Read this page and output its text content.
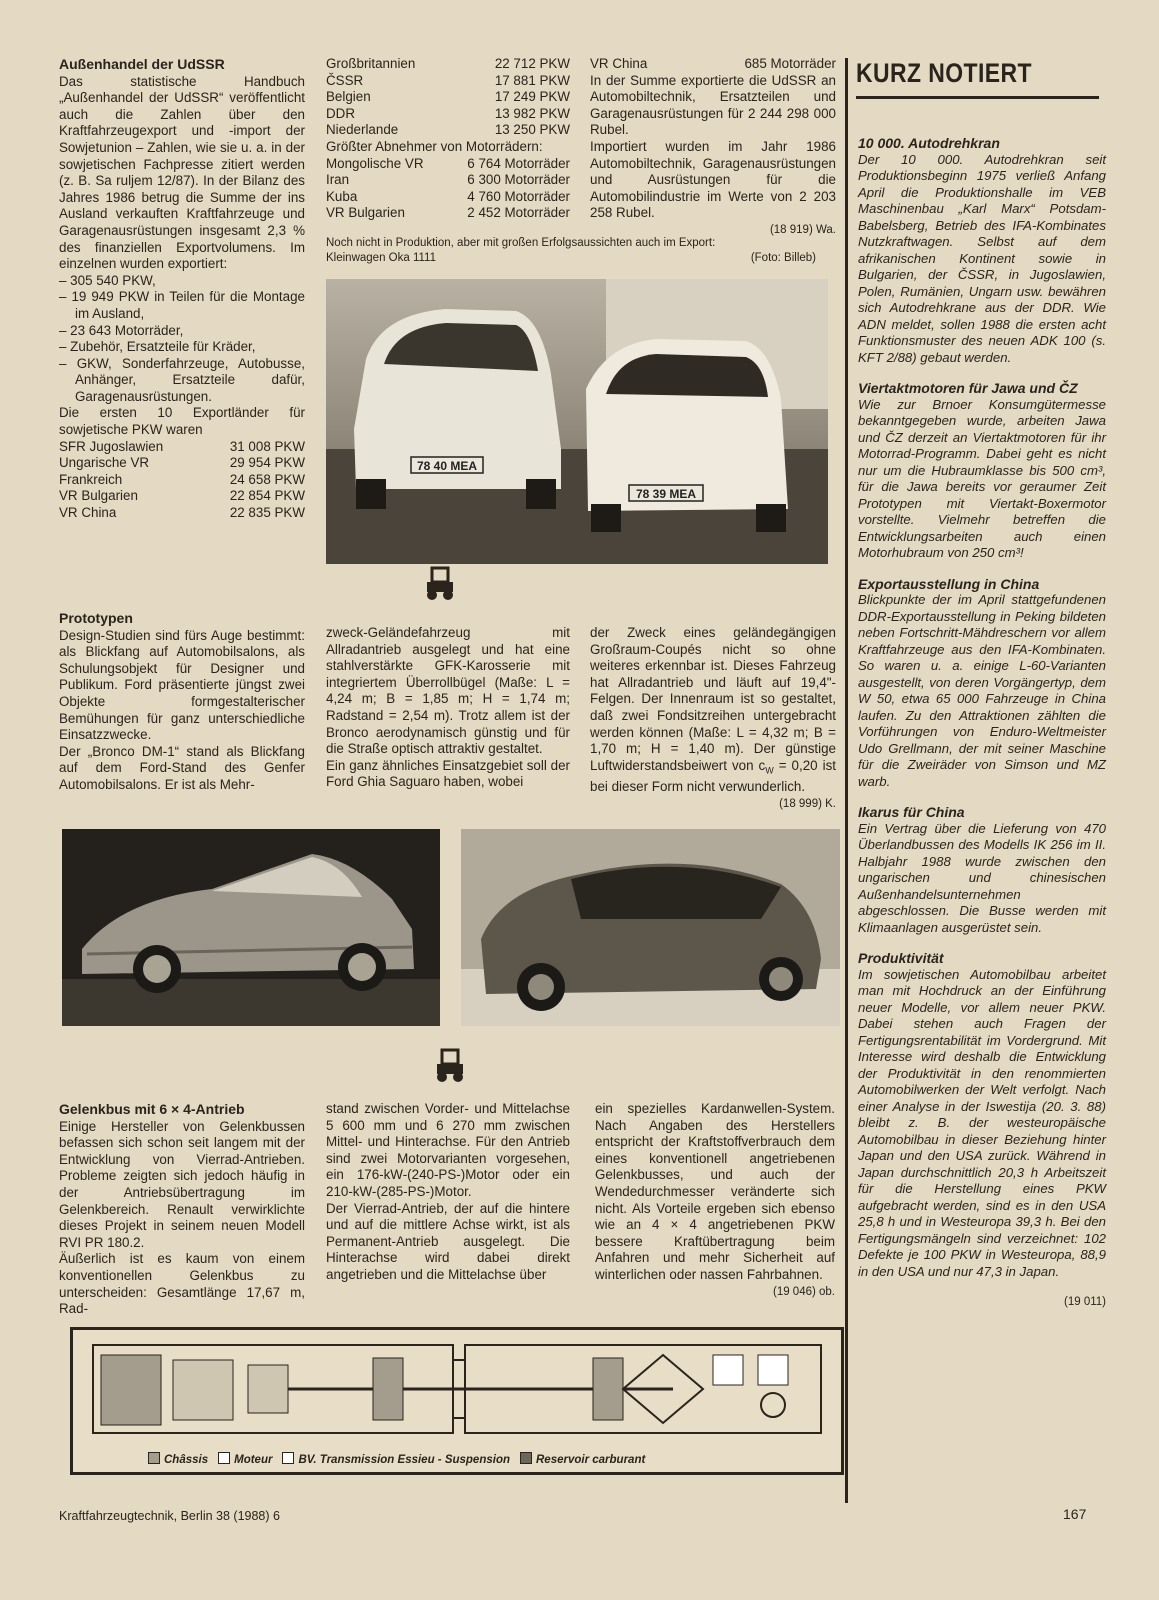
Außenhandel der UdSSR

Das statistische Handbuch „Außenhandel der UdSSR“ veröffentlicht auch die Zahlen über den Kraftfahrzeugexport und -import der Sowjetunion – Zahlen, wie sie u. a. in der sowjetischen Fachpresse zitiert werden (z. B. Sa ruljem 12/87). In der Bilanz des Jahres 1986 betrug die Summe der ins Ausland verkauften Kraftfahrzeuge und Garagenausrüstungen insgesamt 2,3 % des finanziellen Exportvolumens. Im einzelnen wurden exportiert:

– 305 540 PKW,
– 19 949 PKW in Teilen für die Montage im Ausland,
– 23 643 Motorräder,
– Zubehör, Ersatzteile für Kräder,
– GKW, Sonderfahrzeuge, Autobusse, Anhänger, Ersatzteile dafür, Garagenausrüstungen.

Die ersten 10 Exportländer für sowjetische PKW waren

SFR Jugoslawien	31 008 PKW
Ungarische VR	29 954 PKW
Frankreich	24 658 PKW
VR Bulgarien	22 854 PKW
VR China	22 835 PKW
Großbritannien	22 712 PKW
ČSSR	17 881 PKW
Belgien	17 249 PKW
DDR	13 982 PKW
Niederlande	13 250 PKW

Größter Abnehmer von Motorrädern:

Mongolische VR	6 764 Motorräder
Iran	6 300 Motorräder
Kuba	4 760 Motorräder
VR Bulgarien	2 452 Motorräder
VR China	685 Motorräder

In der Summe exportierte die UdSSR an Automobiltechnik, Ersatzteilen und Garagenausrüstungen für 2 244 298 000 Rubel.

Importiert wurden im Jahr 1986 Automobiltechnik, Garagenausrüstungen und Ausrüstungen für die Automobilindustrie im Werte von 2 203 258 Rubel.

(18 919) Wa.
Noch nicht in Produktion, aber mit großen Erfolgsaussichten auch im Export:
Kleinwagen Oka 1111	(Foto: Billeb)
78 40 МЕА
78 39 МЕА

Prototypen

Design-Studien sind fürs Auge bestimmt: als Blickfang auf Automobilsalons, als Schulungsobjekt für Designer und Publikum. Ford präsentierte jüngst zwei Objekte formgestalterischer Bemühungen für ganz unterschiedliche Einsatzzwecke.

Der „Bronco DM-1“ stand als Blickfang auf dem Ford-Stand des Genfer Automobilsalons. Er ist als Mehr-

zweck-Geländefahrzeug mit Allradantrieb ausgelegt und hat eine stahlverstärkte GFK-Karosserie mit integriertem Überrollbügel (Maße: L = 4,24 m; B = 1,85 m; H = 1,74 m; Radstand = 2,54 m). Trotz allem ist der Bronco aerodynamisch günstig und für die Straße optisch attraktiv gestaltet.

Ein ganz ähnliches Einsatzgebiet soll der Ford Ghia Saguaro haben, wobei

der Zweck eines geländegängigen Großraum-Coupés nicht so ohne weiteres erkennbar ist. Dieses Fahrzeug hat Allradantrieb und läuft auf 19,4"-Felgen. Der Innenraum ist so gestaltet, daß zwei Fondsitzreihen untergebracht werden können (Maße: L = 4,32 m; B = 1,70 m; H = 1,40 m). Der günstige Luftwiderstandsbeiwert von $c_W = 0,20$ ist bei dieser Form nicht verwunderlich.

(18 999) K.

Gelenkbus mit 6 × 4-Antrieb

Einige Hersteller von Gelenkbussen befassen sich schon seit langem mit der Entwicklung von Vierrad-Antrieben. Probleme zeigten sich jedoch häufig in der Antriebsübertragung im Gelenkbereich. Renault verwirklichte dieses Projekt in seinem neuen Modell RVI PR 180.2.

Äußerlich ist es kaum von einem konventionellen Gelenkbus zu unterscheiden: Gesamtlänge 17,67 m, Rad-

stand zwischen Vorder- und Mittelachse 5 600 mm und 6 270 mm zwischen Mittel- und Hinterachse. Für den Antrieb sind zwei Motorvarianten vorgesehen, ein 176-kW-(240-PS-)Motor oder ein 210-kW-(285-PS-)Motor.

Der Vierrad-Antrieb, der auf die hintere und auf die mittlere Achse wirkt, ist als Permanent-Antrieb ausgelegt. Die Hinterachse wird dabei direkt angetrieben und die Mittelachse über

ein spezielles Kardanwellen-System. Nach Angaben des Herstellers entspricht der Kraftstoffverbrauch dem eines konventionell angetriebenen Gelenkbusses, und auch der Wendedurchmesser veränderte sich nicht. Als Vorteile ergeben sich ebenso wie an 4 × 4 angetriebenen PKW bessere Kraftübertragung beim Anfahren und mehr Sicherheit auf winterlichen oder nassen Fahrbahnen.

(19 046) ob.
Châssis	Moteur	BV. Transmission Essieu - Suspension	Reservoir carburant
KURZ NOTIERT

10 000. Autodrehkran

Der 10 000. Autodrehkran seit Produktionsbeginn 1975 verließ Anfang April die Produktionshalle im VEB Maschinenbau „Karl Marx“ Potsdam-Babelsberg, Betrieb des IFA-Kombinates Nutzkraftwagen. Selbst auf dem afrikanischen Kontinent sowie in Bulgarien, der ČSSR, in Jugoslawien, Polen, Rumänien, Ungarn usw. bewähren sich Autodrehkrane aus der DDR. Wie ADN meldet, sollen 1988 die ersten acht Funktionsmuster des neuen ADK 100 (s. KFT 2/88) gebaut werden.

Viertaktmotoren für Jawa und ČZ

Wie zur Brnoer Konsumgütermesse bekanntgegeben wurde, arbeiten Jawa und ČZ derzeit an Viertaktmotoren für ihr Motorrad-Programm. Dabei geht es nicht nur um die Hubraumklasse bis 500 cm³, für die Jawa bereits vor geraumer Zeit Prototypen mit Viertakt-Boxermotor vorstellte. Vielmehr betreffen die Entwicklungsarbeiten auch einen Motorhubraum von 250 cm³!

Exportausstellung in China

Blickpunkte der im April stattgefundenen DDR-Exportausstellung in Peking bildeten neben Fortschritt-Mähdreschern vor allem Kraftfahrzeuge aus den IFA-Kombinaten. So waren u. a. einige L-60-Varianten ausgestellt, von deren Vorgängertyp, dem W 50, etwa 65 000 Fahrzeuge in China laufen. Zu den Attraktionen zählten die Vorführungen von Enduro-Weltmeister Udo Grellmann, der mit seiner Maschine für die Zweiräder von Simson und MZ warb.

Ikarus für China

Ein Vertrag über die Lieferung von 470 Überlandbussen des Modells IK 256 im II. Halbjahr 1988 wurde zwischen den ungarischen und chinesischen Außenhandelsunternehmen abgeschlossen. Die Busse werden mit Klimaanlagen ausgerüstet sein.

Produktivität

Im sowjetischen Automobilbau arbeitet man mit Hochdruck an der Einführung neuer Modelle, vor allem neuer PKW. Dabei stehen auch Fragen der Fertigungsrentabilität im Vordergrund. Mit Interesse wird deshalb die Entwicklung der Produktivität in den renommierten Automobilwerken der Welt verfolgt. Nach einer Analyse in der Iswestija (20. 3. 88) bleibt z. B. der westeuropäische Automobilbau in dieser Beziehung hinter Japan und den USA zurück. Während in Japan durchschnittlich 20,3 h Arbeitszeit für die Herstellung eines PKW aufgebracht werden, sind es in den USA 25,8 h und in Westeuropa 39,3 h. Bei den Fertigungsmängeln sind verzeichnet: 102 Defekte je 100 PKW in Westeuropa, 88,9 in den USA und nur 47,3 in Japan.

(19 011)
Kraftfahrzeugtechnik, Berlin 38 (1988) 6	167
